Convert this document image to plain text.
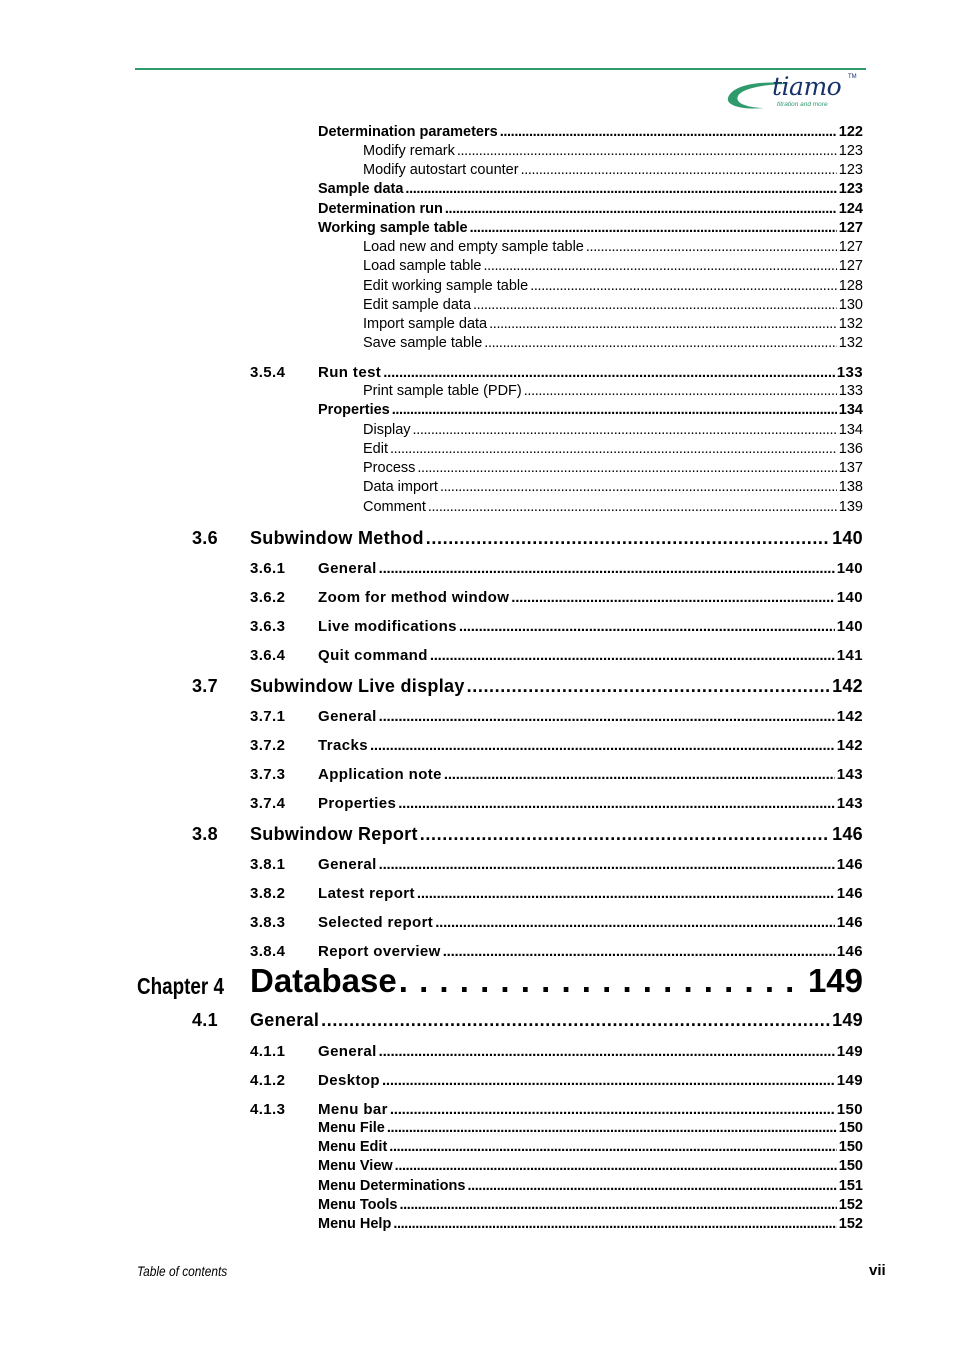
tiamo TM
titration and more
Determination parameters . . .	122
Modify remark . . .	123
Modify autostart counter . . .	123
Sample data . . .	123
Determination run . . .	124
Working sample table . . .	127
Load new and empty sample table . . .	127
Load sample table . . .	127
Edit working sample table . . .	128
Edit sample data . . .	130
Import sample data . . .	132
Save sample table . . .	132
3.5.4 Run test . . .	133
Print sample table (PDF) . . .	133
Properties . . .	134
Display . . .	134
Edit . . .	136
Process . . .	137
Data import . . .	138
Comment . . .	139
3.6 Subwindow Method . . .	140
3.6.1 General . . .	140
3.6.2 Zoom for method window . . .	140
3.6.3 Live modifications . . .	140
3.6.4 Quit command . . .	141
3.7 Subwindow Live display . . .	142
3.7.1 General . . .	142
3.7.2 Tracks . . .	142
3.7.3 Application note . . .	143
3.7.4 Properties . . .	143
3.8 Subwindow Report . . .	146
3.8.1 General . . .	146
3.8.2 Latest report . . .	146
3.8.3 Selected report . . .	146
3.8.4 Report overview . . .	146
Chapter 4 Database . . .	149
4.1 General . . .	149
4.1.1 General . . .	149
4.1.2 Desktop . . .	149
4.1.3 Menu bar . . .	150
Menu File . . .	150
Menu Edit . . .	150
Menu View . . .	150
Menu Determinations . . .	151
Menu Tools . . .	152
Menu Help . . .	152
Table of contents	vii
